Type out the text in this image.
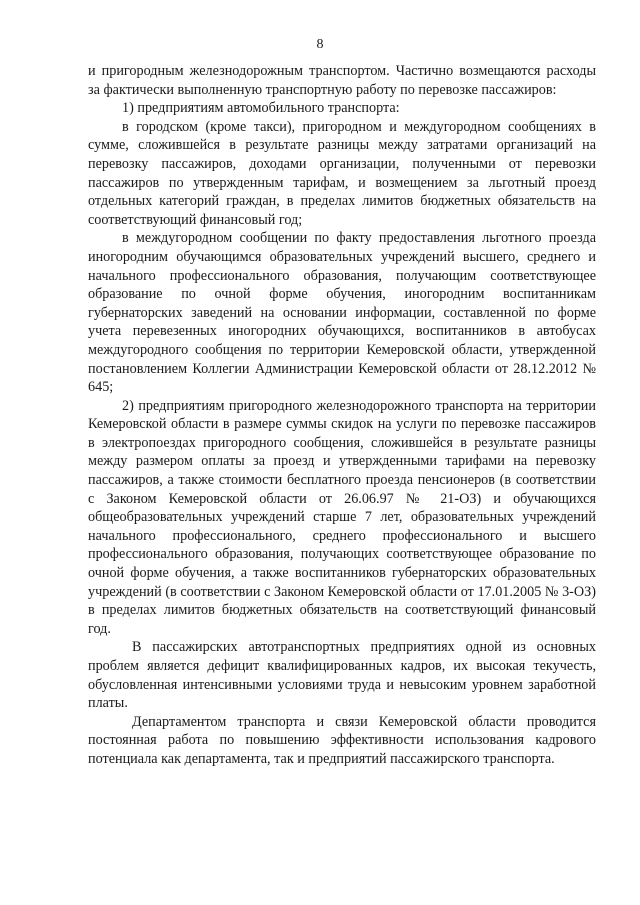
8

и пригородным железнодорожным транспортом. Частично возмещаются расходы за фактически выполненную транспортную работу по перевозке пассажиров:

1) предприятиям автомобильного транспорта:

в городском (кроме такси), пригородном и междугородном сообщениях в сумме, сложившейся в результате разницы между затратами организаций на перевозку пассажиров, доходами организации, полученными от перевозки пассажиров по утвержденным тарифам, и возмещением за льготный проезд отдельных категорий граждан, в пределах лимитов бюджетных обязательств на соответствующий финансовый год;

в междугородном сообщении по факту предоставления льготного проезда иногородним обучающимся образовательных учреждений высшего, среднего и начального профессионального образования, получающим соответствующее образование по очной форме обучения, иногородним воспитанникам губернаторских заведений на основании информации, составленной по форме учета перевезенных иногородних обучающихся, воспитанников в автобусах междугородного сообщения по территории Кемеровской области, утвержденной постановлением Коллегии Администрации Кемеровской области от 28.12.2012 № 645;

2) предприятиям пригородного железнодорожного транспорта на территории Кемеровской области в размере суммы скидок на услуги по перевозке пассажиров в электропоездах пригородного сообщения, сложившейся в результате разницы между размером оплаты за проезд и утвержденными тарифами на перевозку пассажиров, а также стоимости бесплатного проезда пенсионеров (в соответствии с Законом Кемеровской области от 26.06.97 № 21-ОЗ) и обучающихся общеобразовательных учреждений старше 7 лет, образовательных учреждений начального профессионального, среднего профессионального и высшего профессионального образования, получающих соответствующее образование по очной форме обучения, а также воспитанников губернаторских образовательных учреждений (в соответствии с Законом Кемеровской области от 17.01.2005 № 3-ОЗ) в пределах лимитов бюджетных обязательств на соответствующий финансовый год.

В пассажирских автотранспортных предприятиях одной из основных проблем является дефицит квалифицированных кадров, их высокая текучесть, обусловленная интенсивными условиями труда и невысоким уровнем заработной платы.

Департаментом транспорта и связи Кемеровской области проводится постоянная работа по повышению эффективности использования кадрового потенциала как департамента, так и предприятий пассажирского транспорта.
